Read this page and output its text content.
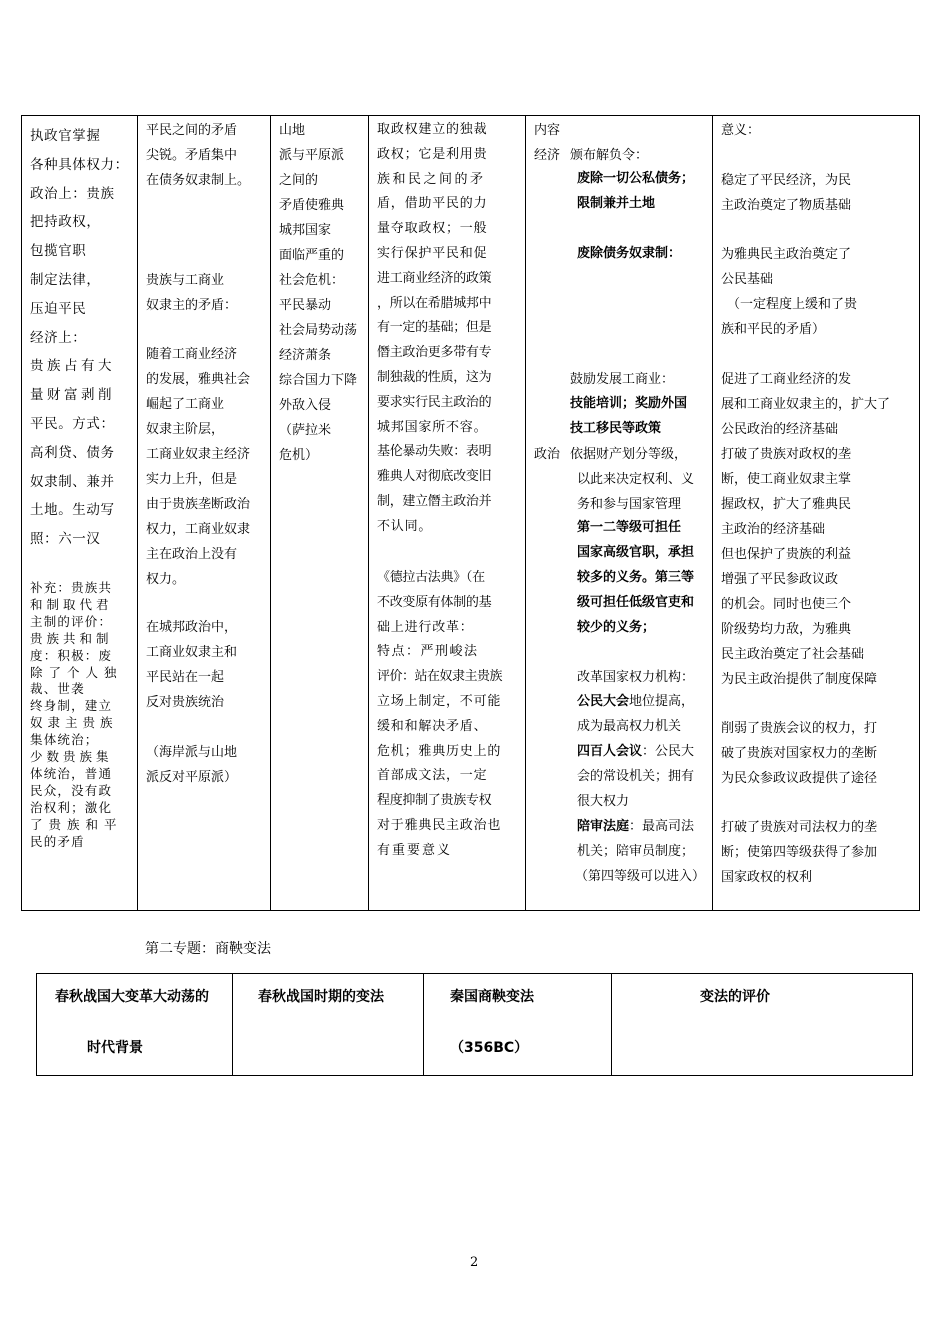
执政官掌握
各种具体权力：
政治上：贵族
把持政权，
包揽官职
制定法律，
压迫平民
经济上：
贵族占有大
量财富剥削
平民。方式：
高利贷、债务
奴隶制、兼并
土地。生动写
照：六一汉
补充：贵族共
和制取代君
主制的评价：
贵族共和制
度：积极：废
除了个人独
裁、世袭
终身制，建立
奴隶主贵族
集体统治；
少数贵族集
体统治，普通
民众，没有政
治权利；激化
了贵族和平
民的矛盾
平民之间的矛盾
尖锐。矛盾集中
在债务奴隶制上。
贵族与工商业
奴隶主的矛盾：
随着工商业经济
的发展，雅典社会
崛起了工商业
奴隶主阶层，
工商业奴隶主经济
实力上升，但是
由于贵族垄断政治
权力，工商业奴隶
主在政治上没有
权力。
在城邦政治中，
工商业奴隶主和
平民站在一起
反对贵族统治
（海岸派与山地
派反对平原派）
山地
派与平原派
之间的
矛盾使雅典
城邦国家
面临严重的
社会危机：
平民暴动
社会局势动荡
经济萧条
综合国力下降
外敌入侵
（萨拉米
危机）
取政权建立的独裁
政权；它是利用贵
族和民之间的矛
盾，借助平民的力
量夺取政权；一般
实行保护平民和促
进工商业经济的政策
，所以在希腊城邦中
有一定的基础；但是
僭主政治更多带有专
制独裁的性质，这为
要求实行民主政治的
城邦国家所不容。
基伦暴动失败：表明
雅典人对彻底改变旧
制，建立僭主政治并
不认同。
《德拉古法典》（在
不改变原有体制的基
础上进行改革：
特点：严刑峻法
评价：站在奴隶主贵族
立场上制定，不可能
缓和和解决矛盾、
危机；雅典历史上的
首部成文法，一定
程度抑制了贵族专权
对于雅典民主政治也
有重要意义
内容
经济 颁布解负令：
废除一切公私债务；
限制兼并土地
废除债务奴隶制：
鼓励发展工商业：
技能培训；奖励外国
技工移民等政策
政治 依据财产划分等级，
以此来决定权利、义
务和参与国家管理
第一二等级可担任
国家高级官职，承担
较多的义务。第三等
级可担任低级官吏和
较少的义务；
改革国家权力机构：
公民大会地位提高，
成为最高权力机关
四百人会议：公民大
会的常设机关；拥有
很大权力
陪审法庭：最高司法
机关；陪审员制度；
（第四等级可以进入）
意义：
稳定了平民经济，为民
主政治奠定了物质基础
为雅典民主政治奠定了
公民基础
（一定程度上缓和了贵
族和平民的矛盾）
促进了工商业经济的发
展和工商业奴隶主的，扩大了
公民政治的经济基础
打破了贵族对政权的垄
断，使工商业奴隶主掌
握政权，扩大了雅典民
主政治的经济基础
但也保护了贵族的利益
增强了平民参政议政
的机会。同时也使三个
阶级势均力敌，为雅典
民主政治奠定了社会基础
为民主政治提供了制度保障
削弱了贵族会议的权力，打
破了贵族对国家权力的垄断
为民众参政议政提供了途径
打破了贵族对司法权力的垄
断；使第四等级获得了参加
国家政权的权利
第二专题：商鞅变法
春秋战国大变革大动荡的
时代背景
春秋战国时期的变法	秦国商鞅变法
（356BC）
变法的评价
2
